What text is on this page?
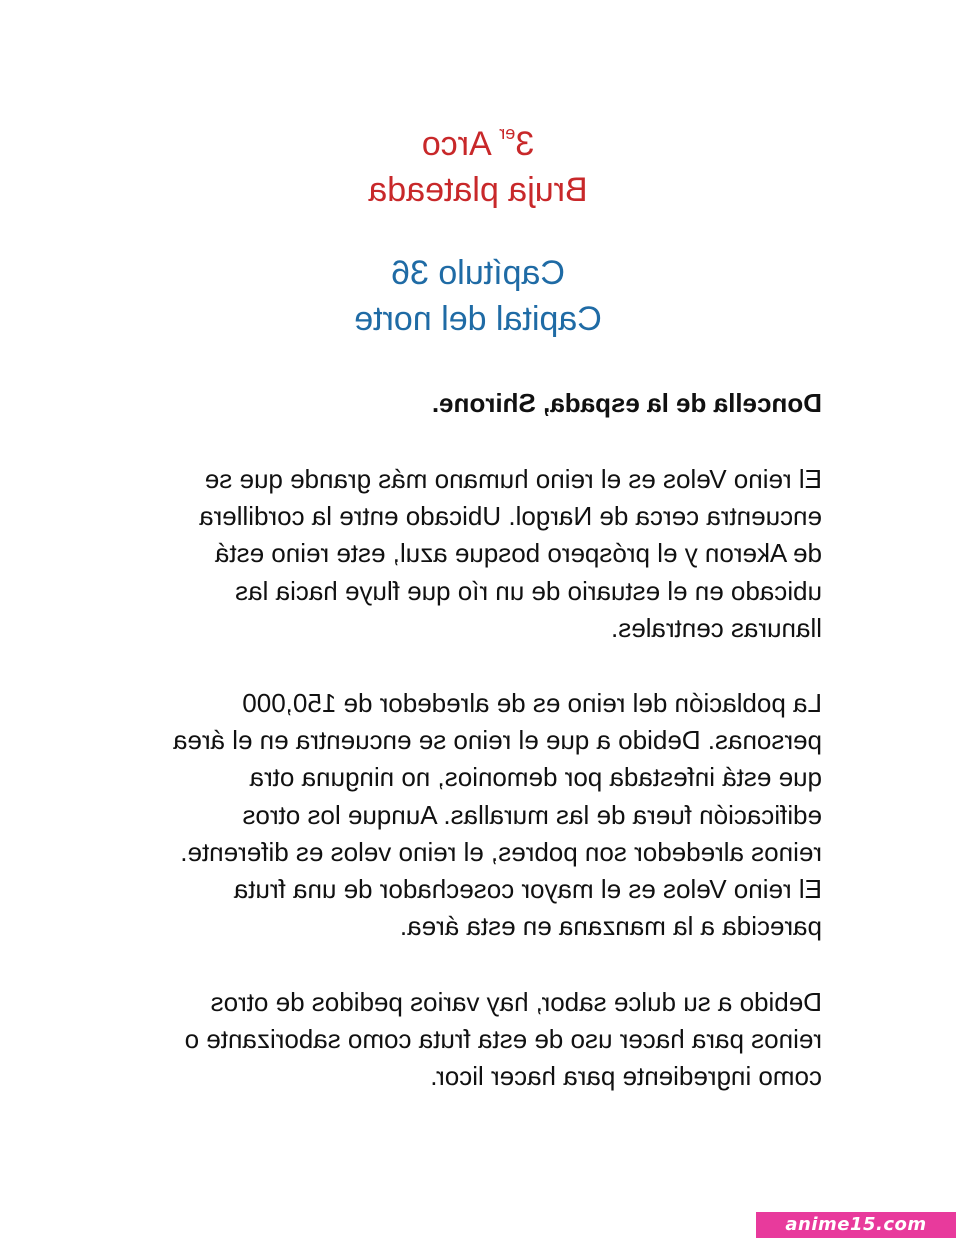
3er Arco
Bruja plateada
Capítulo 36
Capital del norte
Doncella de la espada, Shirone.
El reino Velos es el reino humano más grande que se
encuentra cerca de Nargol. Ubicado entre la cordillera
de Akeron y el próspero bosque azul, este reino está
ubicado en el estuario de un río que fluye hacia las
llanuras centrales.
La población del reino es de alrededor de 150,000
personas. Debido a que el reino se encuentra en el área
que está infestada por demonios, no ninguna otra
edificación fuera de las murallas. Aunque los otros
reinos alrededor son pobres, el reino velos es diferente.
El reino Velos es el mayor cosechador de una fruta
parecida a la manzana en esta área.
Debido a su dulce sabor, hay varios pedidos de otros
reinos para hacer uso de esta fruta como saborizante o
como ingrediente para hacer licor.
anime15.com
